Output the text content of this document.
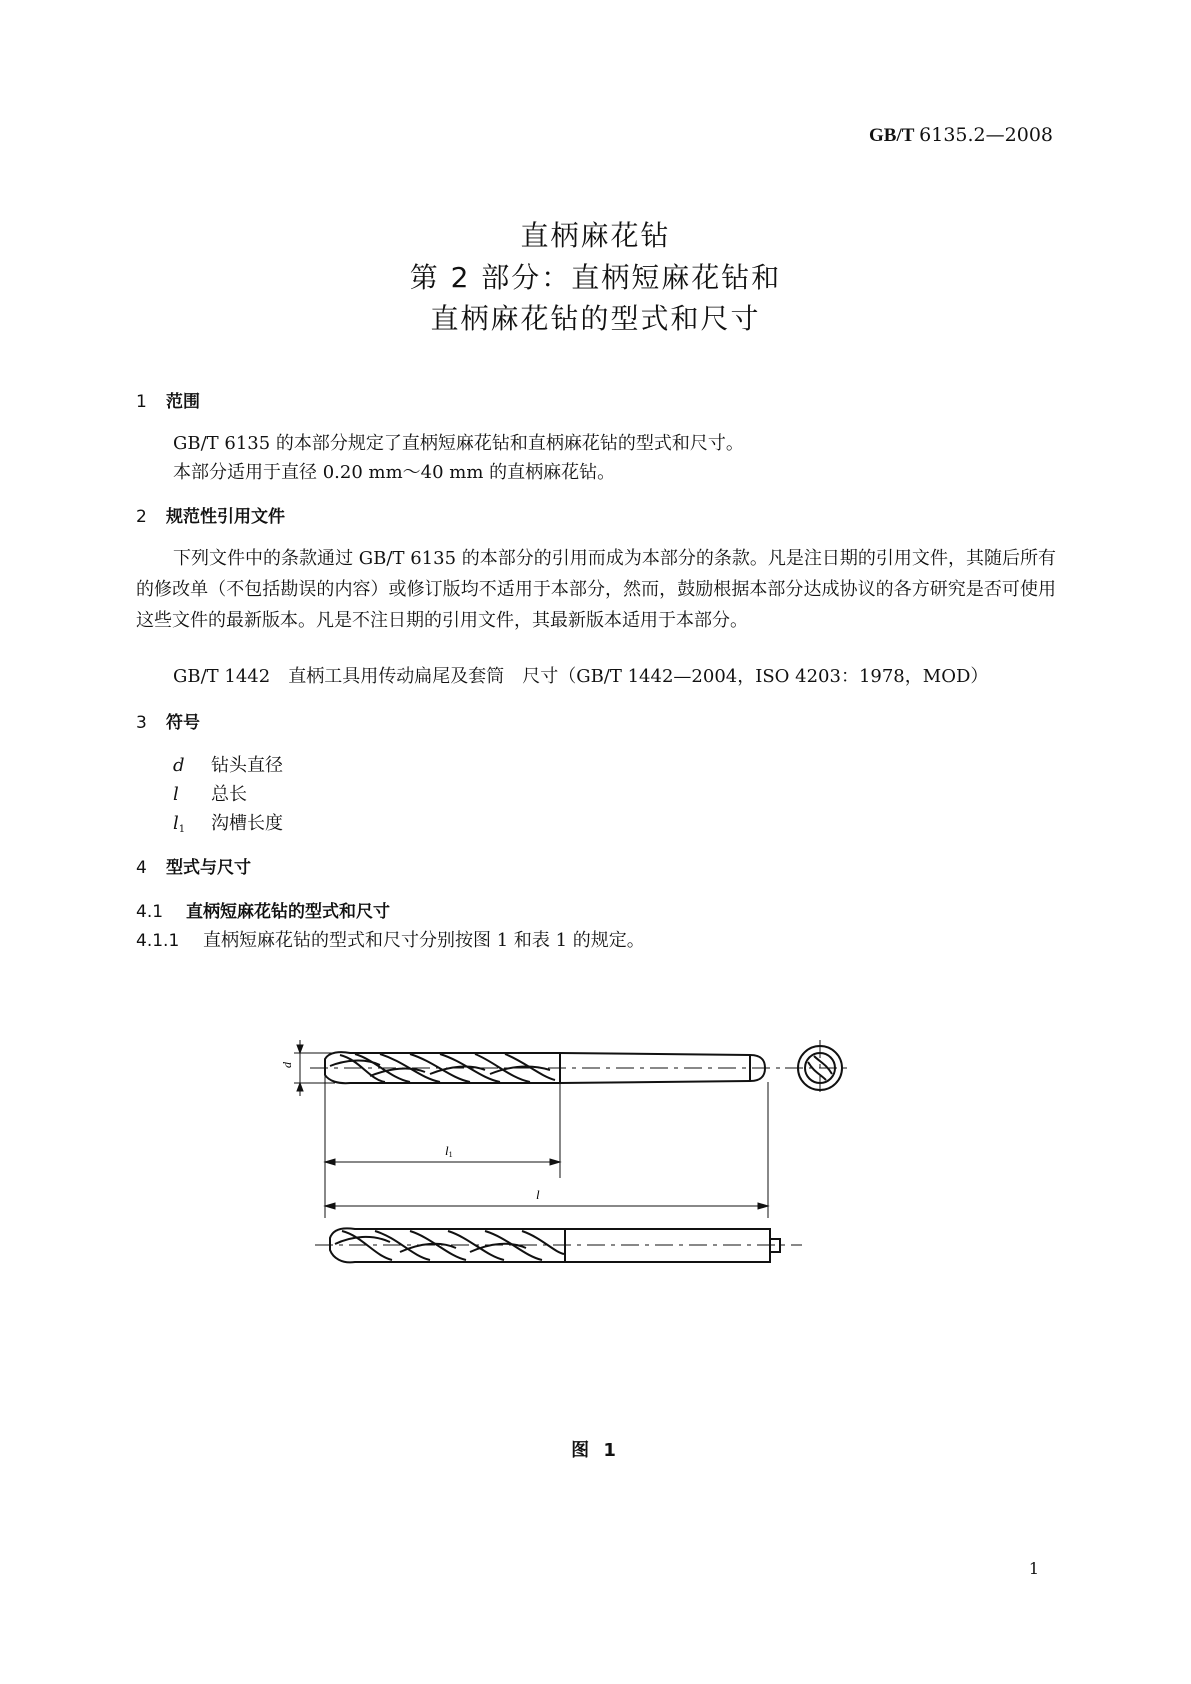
GB/T 6135.2—2008
直柄麻花钻
第 2 部分：直柄短麻花钻和
直柄麻花钻的型式和尺寸
1 范围
GB/T 6135 的本部分规定了直柄短麻花钻和直柄麻花钻的型式和尺寸。
本部分适用于直径 0.20 mm～40 mm 的直柄麻花钻。
2 规范性引用文件
下列文件中的条款通过 GB/T 6135 的本部分的引用而成为本部分的条款。凡是注日期的引用文件，其随后所有的修改单（不包括勘误的内容）或修订版均不适用于本部分，然而，鼓励根据本部分达成协议的各方研究是否可使用这些文件的最新版本。凡是不注日期的引用文件，其最新版本适用于本部分。
GB/T 1442　直柄工具用传动扁尾及套筒　尺寸（GB/T 1442—2004，ISO 4203：1978，MOD）
3 符号
d 钻头直径
l 总长
$l_1$ 沟槽长度
4 型式与尺寸
4.1 直柄短麻花钻的型式和尺寸
4.1.1 直柄短麻花钻的型式和尺寸分别按图 1 和表 1 的规定。
d
l1
l
图 1
1
